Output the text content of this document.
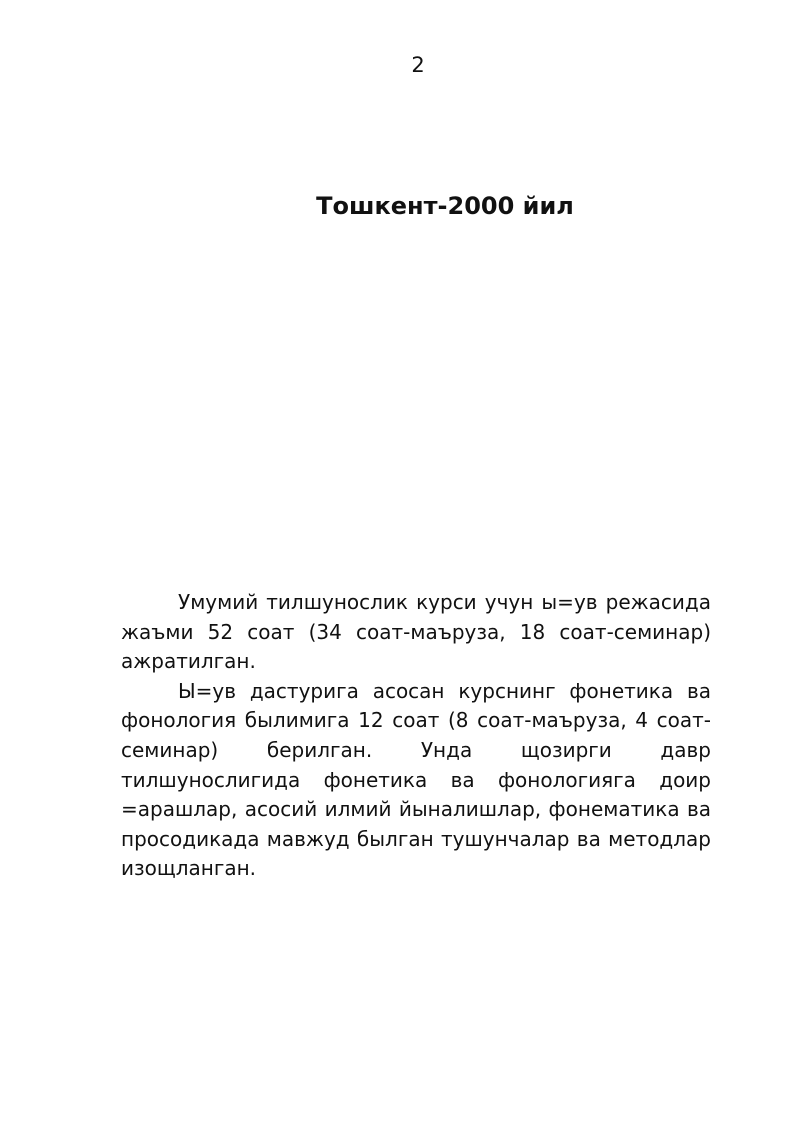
2
Тошкент-2000 йил

Умумий тилшунослик курси учун ы=ув режасида жаъми 52 соат (34 соат-маъруза, 18 соат-семинар) ажратилган.

Ы=ув дастурига асосан курснинг фонетика ва фонология былимига 12 соат (8 соат-маъруза, 4 соат-семинар) берилган. Унда щозирги давр тилшунослигида фонетика ва фонологияга доир =арашлар, асосий илмий йыналишлар, фонематика ва просодикада мавжуд былган тушунчалар ва методлар изощланган.
